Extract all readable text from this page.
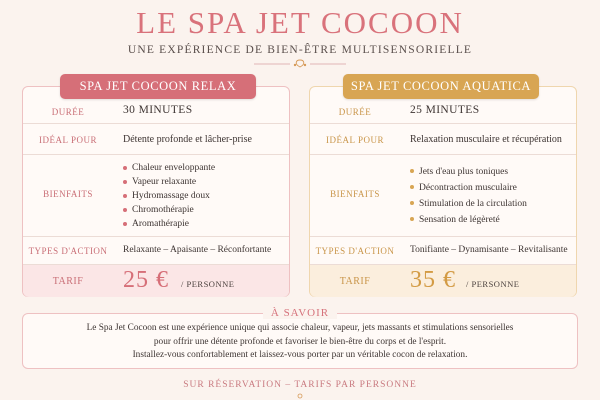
LE SPA JET COCOON
UNE EXPÉRIENCE DE BIEN-ÊTRE MULTISENSORIELLE
DURÉE	30 MINUTES
IDÉAL POUR	Détente profonde et lâcher-prise
BIENFAITS
Chaleur enveloppante
Vapeur relaxante
Hydromassage doux
Chromothérapie
Aromathérapie
TYPES D'ACTION	Relaxante – Apaisante – Réconfortante
TARIF	25 € / PERSONNE
SPA JET COCOON RELAX
DURÉE	25 MINUTES
IDÉAL POUR	Relaxation musculaire et récupération
BIENFAITS
Jets d'eau plus toniques
Décontraction musculaire
Stimulation de la circulation
Sensation de légèreté
TYPES D'ACTION	Tonifiante – Dynamisante – Revitalisante
TARIF	35 € / PERSONNE
SPA JET COCOON AQUATICA
À SAVOIR
Le Spa Jet Cocoon est une expérience unique qui associe chaleur, vapeur, jets massants et stimulations sensorielles
pour offrir une détente profonde et favoriser le bien-être du corps et de l'esprit.
Installez-vous confortablement et laissez-vous porter par un véritable cocon de relaxation.
SUR RÉSERVATION – TARIFS PAR PERSONNE
